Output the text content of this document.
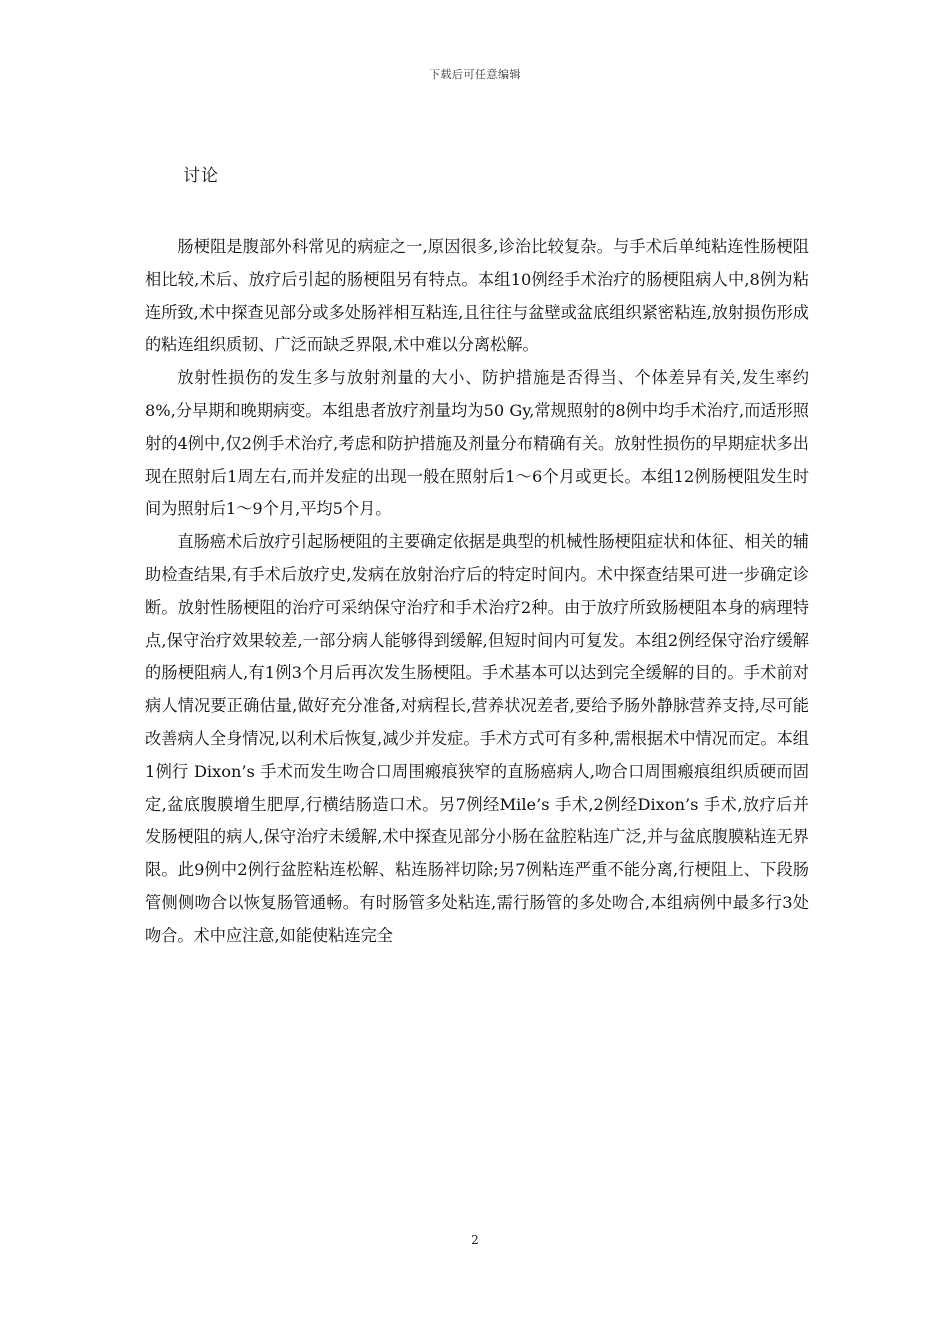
下载后可任意编辑
讨论

肠梗阻是腹部外科常见的病症之一,原因很多,诊治比较复杂。与手术后单纯粘连性肠梗阻相比较,术后、放疗后引起的肠梗阻另有特点。本组10例经手术治疗的肠梗阻病人中,8例为粘连所致,术中探查见部分或多处肠袢相互粘连,且往往与盆壁或盆底组织紧密粘连,放射损伤形成的粘连组织质韧、广泛而缺乏界限,术中难以分离松解。

放射性损伤的发生多与放射剂量的大小、防护措施是否得当、个体差异有关,发生率约8%,分早期和晚期病变。本组患者放疗剂量均为50 Gy,常规照射的8例中均手术治疗,而适形照射的4例中,仅2例手术治疗,考虑和防护措施及剂量分布精确有关。放射性损伤的早期症状多出现在照射后1周左右,而并发症的出现一般在照射后1～6个月或更长。本组12例肠梗阻发生时间为照射后1～9个月,平均5个月。

直肠癌术后放疗引起肠梗阻的主要确定依据是典型的机械性肠梗阻症状和体征、相关的辅助检查结果,有手术后放疗史,发病在放射治疗后的特定时间内。术中探查结果可进一步确定诊断。放射性肠梗阻的治疗可采纳保守治疗和手术治疗2种。由于放疗所致肠梗阻本身的病理特点,保守治疗效果较差,一部分病人能够得到缓解,但短时间内可复发。本组2例经保守治疗缓解的肠梗阻病人,有1例3个月后再次发生肠梗阻。手术基本可以达到完全缓解的目的。手术前对病人情况要正确估量,做好充分准备,对病程长,营养状况差者,要给予肠外静脉营养支持,尽可能改善病人全身情况,以利术后恢复,减少并发症。手术方式可有多种,需根据术中情况而定。本组1例行 Dixon’s 手术而发生吻合口周围瘢痕狭窄的直肠癌病人,吻合口周围瘢痕组织质硬而固定,盆底腹膜增生肥厚,行横结肠造口术。另7例经Mile’s 手术,2例经Dixon’s 手术,放疗后并发肠梗阻的病人,保守治疗未缓解,术中探查见部分小肠在盆腔粘连广泛,并与盆底腹膜粘连无界限。此9例中2例行盆腔粘连松解、粘连肠袢切除;另7例粘连严重不能分离,行梗阻上、下段肠管侧侧吻合以恢复肠管通畅。有时肠管多处粘连,需行肠管的多处吻合,本组病例中最多行3处吻合。术中应注意,如能使粘连完全

2
